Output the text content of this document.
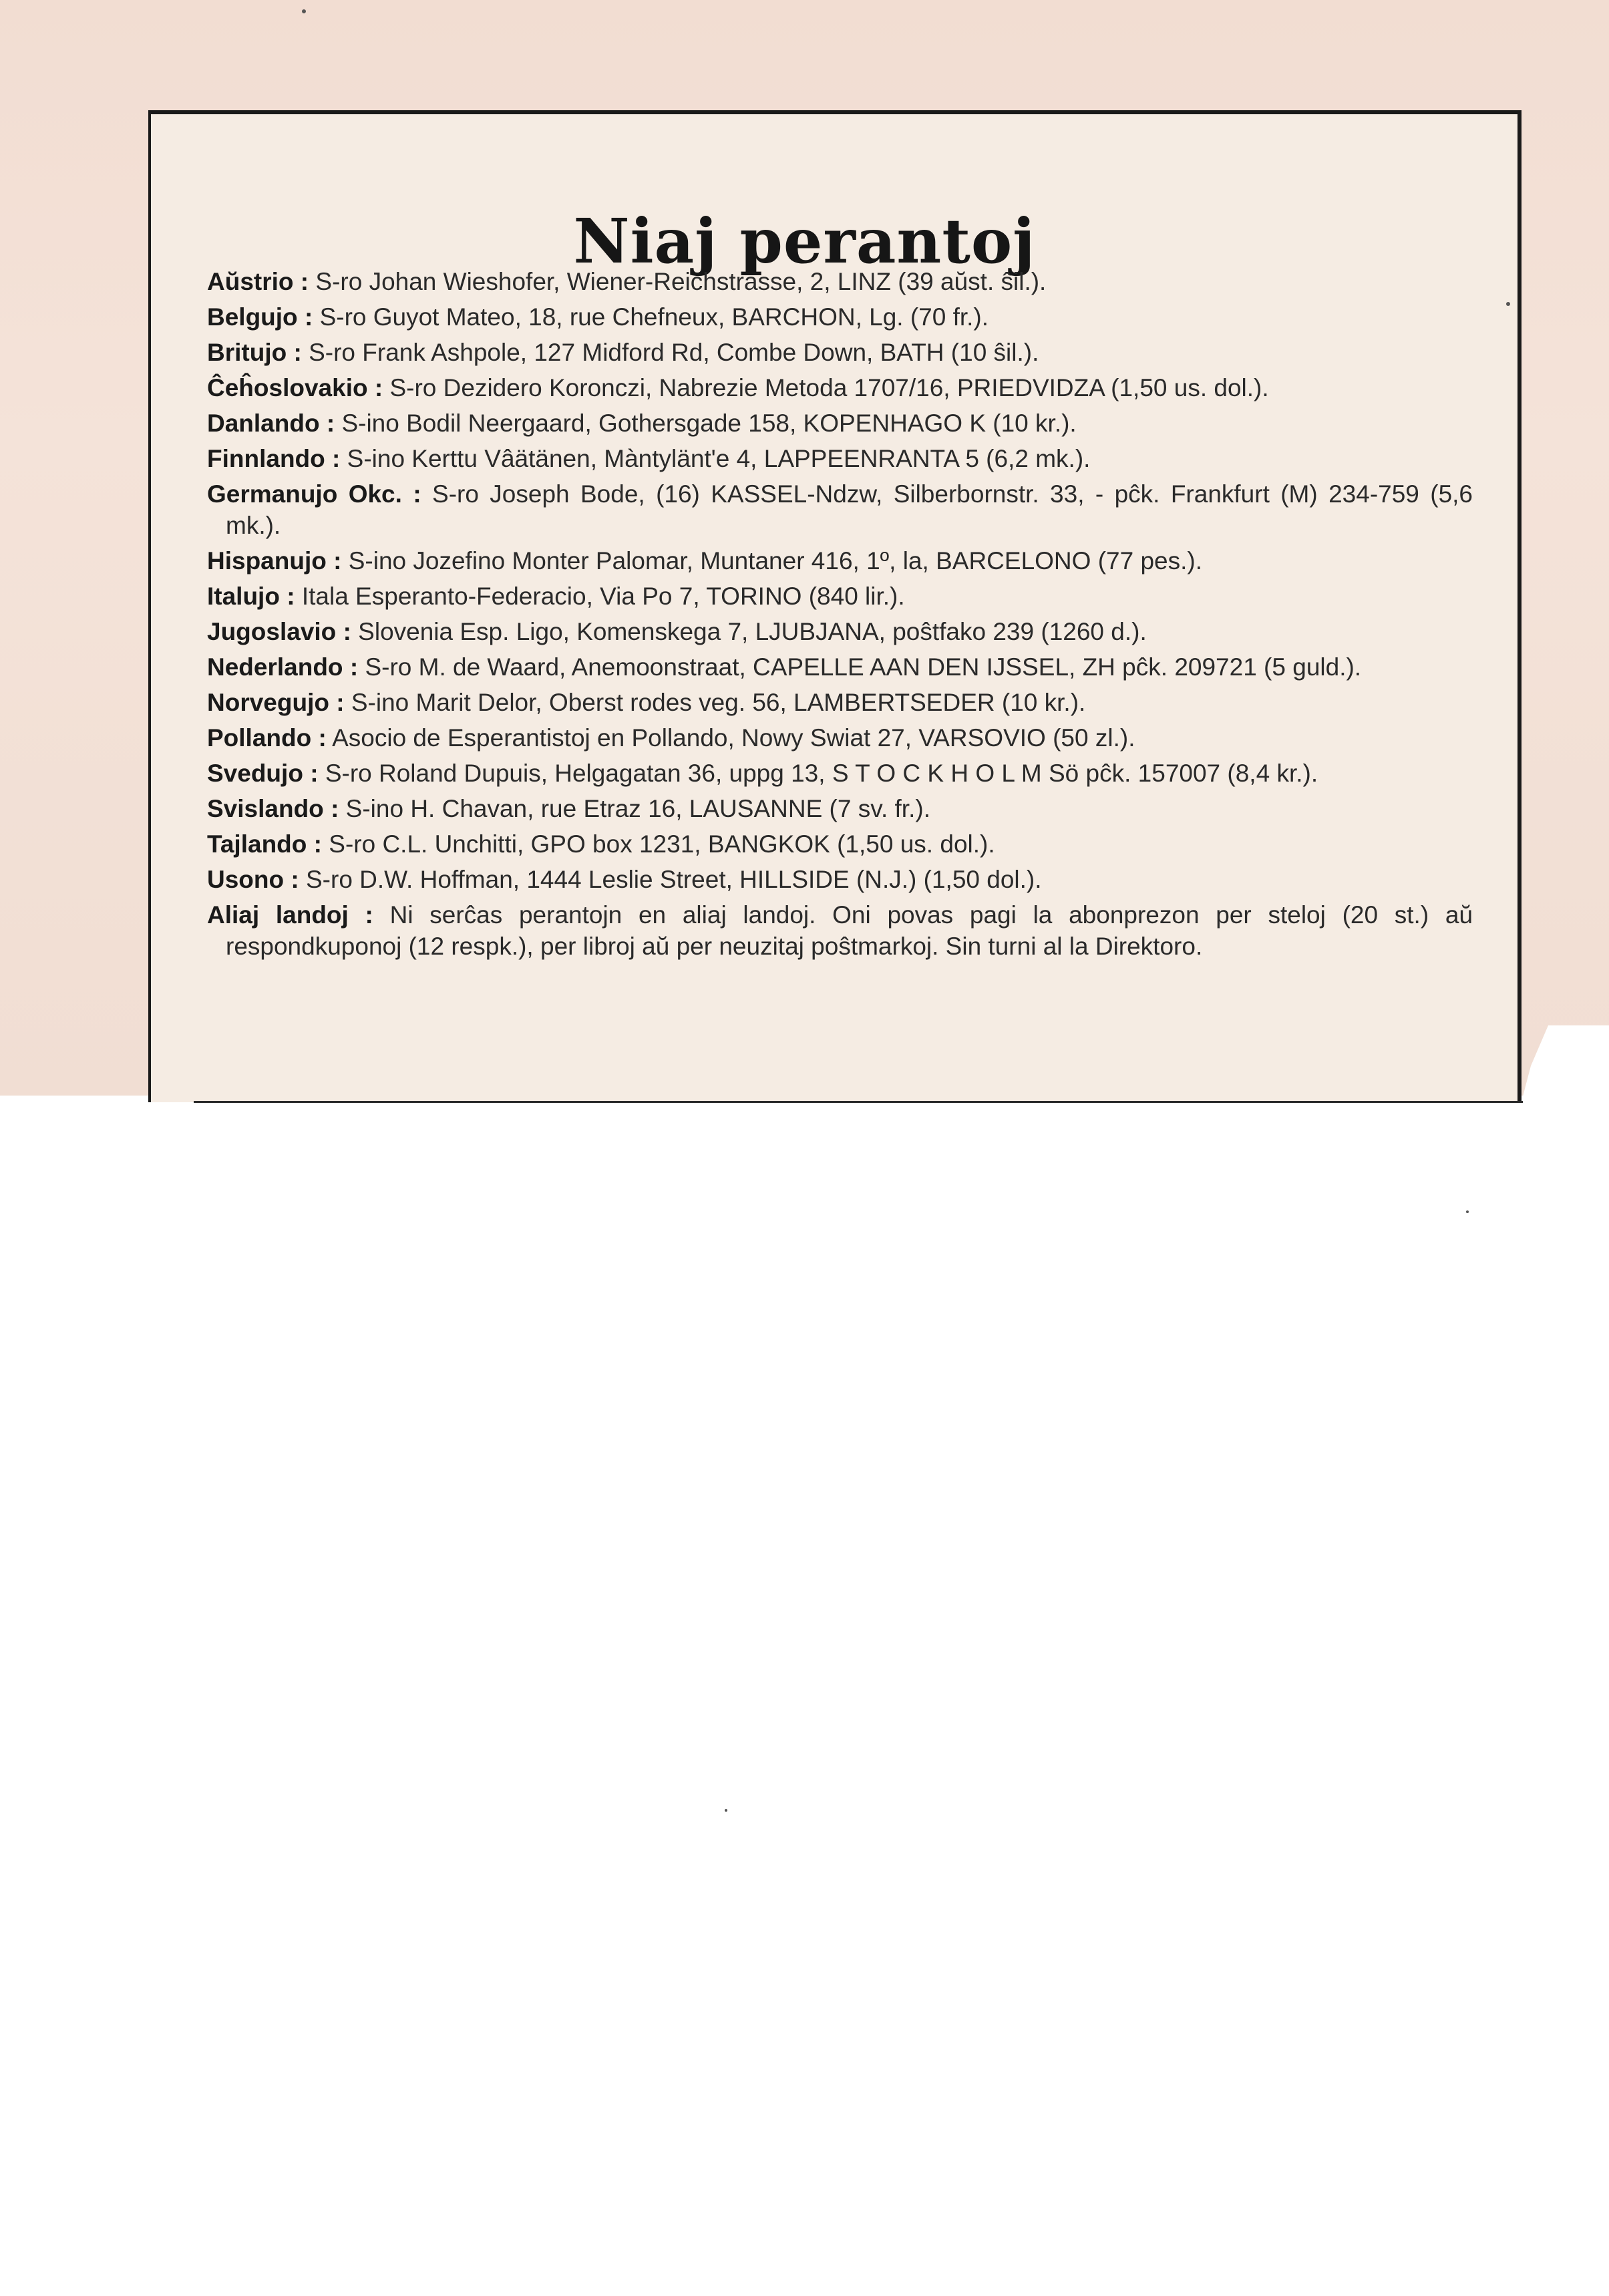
Niaj perantoj
Aŭstrio : S-ro Johan Wieshofer, Wiener-Reichstrasse, 2, LINZ (39 aŭst. ŝil.).
Belgujo : S-ro Guyot Mateo, 18, rue Chefneux, BARCHON, Lg. (70 fr.).
Britujo : S-ro Frank Ashpole, 127 Midford Rd, Combe Down, BATH (10 ŝil.).
Ĉeĥoslovakio : S-ro Dezidero Koronczi, Nabrezie Metoda 1707/16, PRIEDVIDZA (1,50 us. dol.).
Danlando : S-ino Bodil Neergaard, Gothersgade 158, KOPENHAGO K (10 kr.).
Finnlando : S-ino Kerttu Vâätänen, Màntylänt'e 4, LAPPEENRANTA 5 (6,2 mk.).
Germanujo Okc. : S-ro Joseph Bode, (16) KASSEL-Ndzw, Silberbornstr. 33, - pĉk. Frankfurt (M) 234-759 (5,6 mk.).
Hispanujo : S-ino Jozefino Monter Palomar, Muntaner 416, 1º, la, BARCELONO (77 pes.).
Italujo : Itala Esperanto-Federacio, Via Po 7, TORINO (840 lir.).
Jugoslavio : Slovenia Esp. Ligo, Komenskega 7, LJUBJANA, poŝtfako 239 (1260 d.).
Nederlando : S-ro M. de Waard, Anemoonstraat, CAPELLE AAN DEN IJSSEL, ZH pĉk. 209721 (5 guld.).
Norvegujo : S-ino Marit Delor, Oberst rodes veg. 56, LAMBERTSEDER (10 kr.).
Pollando : Asocio de Esperantistoj en Pollando, Nowy Swiat 27, VARSOVIO (50 zl.).
Svedujo : S-ro Roland Dupuis, Helgagatan 36, uppg 13, S T O C K H O L M Sö pĉk. 157007 (8,4 kr.).
Svislando : S-ino H. Chavan, rue Etraz 16, LAUSANNE (7 sv. fr.).
Tajlando : S-ro C.L. Unchitti, GPO box 1231, BANGKOK (1,50 us. dol.).
Usono : S-ro D.W. Hoffman, 1444 Leslie Street, HILLSIDE (N.J.) (1,50 dol.).
Aliaj landoj : Ni serĉas perantojn en aliaj landoj. Oni povas pagi la abonprezon per steloj (20 st.) aŭ respondkuponoj (12 respk.), per libroj aŭ per neuzitaj poŝtmarkoj. Sin turni al la Direktoro.
